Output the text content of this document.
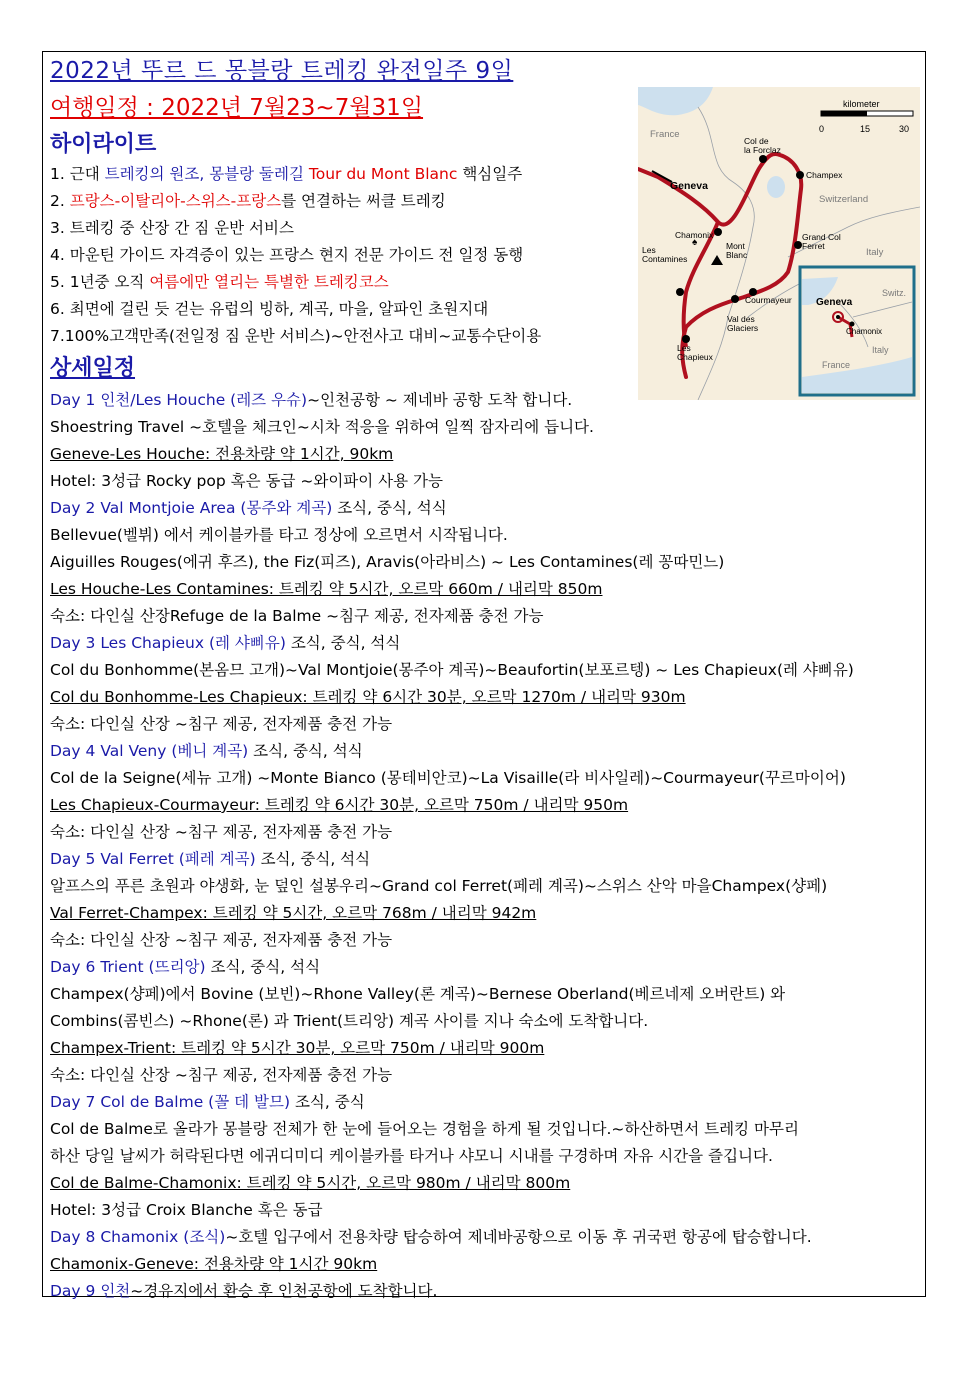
2022년 뚜르 드 몽블랑 트레킹 완전일주 9일
여행일정 : 2022년 7월23~7월31일
하이라이트
1. 근대 트레킹의 원조, 몽블랑 둘레길 Tour du Mont Blanc 핵심일주
2. 프랑스-이탈리아-스위스-프랑스를 연결하는 써클 트레킹
3. 트레킹 중 산장 간 짐 운반 서비스
4. 마운틴 가이드 자격증이 있는 프랑스 현지 전문 가이드 전 일정 동행
5. 1년중 오직 여름에만 열리는 특별한 트레킹코스
6. 최면에 걸린 듯 걷는 유럽의 빙하, 계곡, 마을, 알파인 초원지대
7.100%고객만족(전일정 짐 운반 서비스)~안전사고 대비~교통수단이용
상세일정
Day 1 인천/Les Houche (레즈 우슈)~인천공항 ~ 제네바 공항 도착 합니다.
Shoestring Travel ~호텔을 체크인~시차 적응을 위하여 일찍 잠자리에 듭니다.
Geneve-Les Houche: 전용차량 약 1시간, 90km
Hotel: 3성급 Rocky pop 혹은 동급 ~와이파이 사용 가능
Day 2 Val Montjoie Area (몽주와 계곡) 조식, 중식, 석식
Bellevue(벨뷔) 에서 케이블카를 타고 정상에 오르면서 시작됩니다.
Aiguilles Rouges(에귀 후즈), the Fiz(피즈), Aravis(아라비스) ~ Les Contamines(레 꽁따민느)
Les Houche-Les Contamines: 트레킹 약 5시간, 오르막 660m / 내리막 850m
숙소: 다인실 산장Refuge de la Balme ~침구 제공, 전자제품 충전 가능
Day 3 Les Chapieux (레 샤삐유) 조식, 중식, 석식
Col du Bonhomme(본옴므 고개)~Val Montjoie(몽주아 계곡)~Beaufortin(보포르텡) ~ Les Chapieux(레 샤삐유)
Col du Bonhomme-Les Chapieux: 트레킹 약 6시간 30분, 오르막 1270m / 내리막 930m
숙소: 다인실 산장 ~침구 제공, 전자제품 충전 가능
Day 4 Val Veny (베니 계곡) 조식, 중식, 석식
Col de la Seigne(세뉴 고개) ~Monte Bianco (몽테비안코)~La Visaille(라 비사일레)~Courmayeur(꾸르마이어)
Les Chapieux-Courmayeur: 트레킹 약 6시간 30분, 오르막 750m / 내리막 950m
숙소: 다인실 산장 ~침구 제공, 전자제품 충전 가능
Day 5 Val Ferret (페레 계곡) 조식, 중식, 석식
알프스의 푸른 초원과 야생화, 눈 덮인 설봉우리~Grand col Ferret(페레 계곡)~스위스 산악 마을Champex(샹페)
Val Ferret-Champex: 트레킹 약 5시간, 오르막 768m / 내리막 942m
숙소: 다인실 산장 ~침구 제공, 전자제품 충전 가능
Day 6 Trient (뜨리앙) 조식, 중식, 석식
Champex(샹페)에서 Bovine (보빈)~Rhone Valley(론 계곡)~Bernese Oberland(베르네제 오버란트) 와
Combins(콤빈스) ~Rhone(론) 과 Trient(트리앙) 계곡 사이를 지나 숙소에 도착합니다.
Champex-Trient: 트레킹 약 5시간 30분, 오르막 750m / 내리막 900m
숙소: 다인실 산장 ~침구 제공, 전자제품 충전 가능
Day 7 Col de Balme (꼴 데 발므) 조식, 중식
Col de Balme로 올라가 몽블랑 전체가 한 눈에 들어오는 경험을 하게 될 것입니다.~하산하면서 트레킹 마무리
하산 당일 날씨가 허락된다면 에귀디미디 케이블카를 타거나 샤모니 시내를 구경하며 자유 시간을 즐깁니다.
Col de Balme-Chamonix: 트레킹 약 5시간, 오르막 980m / 내리막 800m
Hotel: 3성급 Croix Blanche 혹은 동급
Day 8 Chamonix (조식)~호텔 입구에서 전용차량 탑승하여 제네바공항으로 이동 후 귀국편 항공에 탑승합니다.
Chamonix-Geneve: 전용차량 약 1시간 90km
Day 9 인천~경유지에서 환승 후 인천공항에 도착합니다.
kilometer
0	15	30
♠
France
Col de la Forclaz
Champex
Geneva
Switzerland
Chamonix
Les Contamines
Mont Blanc
Grand Col Ferret
Italy
Courmayeur
Val des Glaciers
Les Chapieux
Geneva
Switz.
Chamonix
Italy
France
